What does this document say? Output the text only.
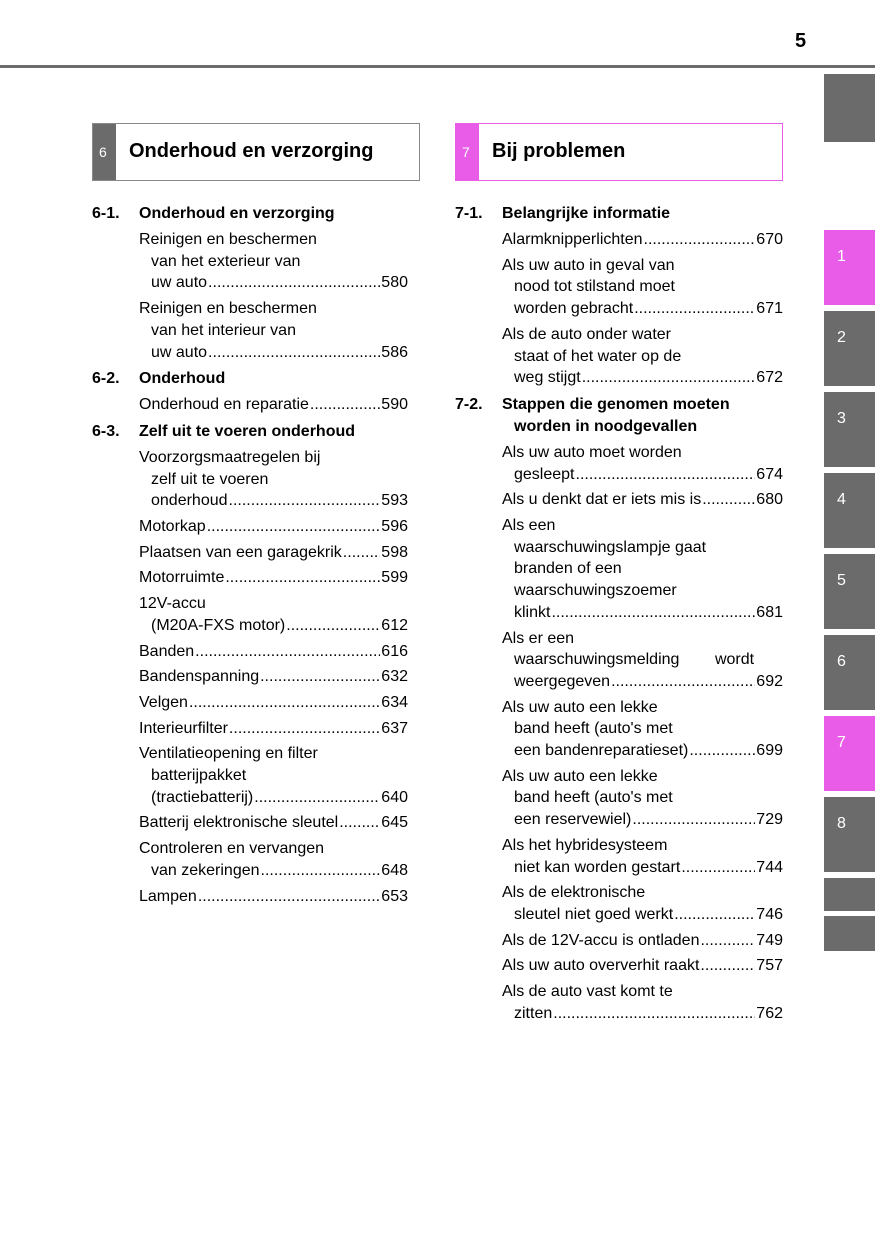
5
1
2
3
4
5
6
7
8
6	Onderhoud en verzorging	7	Bij problemen
6-1.	Onderhoud en verzorging
Reinigen en beschermen
van het exterieur van
uw auto .....	580
Reinigen en beschermen
van het interieur van
uw auto .....	586
6-2.	Onderhoud
Onderhoud en reparatie .....	590
6-3.	Zelf uit te voeren onderhoud
Voorzorgsmaatregelen bij
zelf uit te voeren
onderhoud .....	593
Motorkap .....	596
Plaatsen van een garagekrik ..... 598
Motorruimte .....	599
12V-accu
(M20A-FXS motor) .....	612
Banden .....	616
Bandenspanning .....	632
Velgen .....	634
Interieurfilter .....	637
Ventilatieopening en filter
batterijpakket
(tractiebatterij) .....	640
Batterij elektronische sleutel .....	645
Controleren en vervangen
van zekeringen .....	648
Lampen .....	653
7-1.	Belangrijke informatie
Alarmknipperlichten .....	670
Als uw auto in geval van
nood tot stilstand moet
worden gebracht .....	671
Als de auto onder water
staat of het water op de
weg stijgt .....	672
7-2.	Stappen die genomen moeten
worden in noodgevallen
Als uw auto moet worden
gesleept .....	674
Als u denkt dat er iets mis is .....	680
Als een
waarschuwingslampje gaat
branden of een
waarschuwingszoemer
klinkt .....	681
Als er een
waarschuwingsmelding        wordt
weergegeven .....	692
Als uw auto een lekke
band heeft (auto's met
een bandenreparatieset) .....	699
Als uw auto een lekke
band heeft (auto's met
een reservewiel) .....	729
Als het hybridesysteem
niet kan worden gestart .....	744
Als de elektronische
sleutel niet goed werkt .....	746
Als de 12V-accu is ontladen .....	749
Als uw auto oververhit raakt .....	757
Als de auto vast komt te
zitten .....	762
